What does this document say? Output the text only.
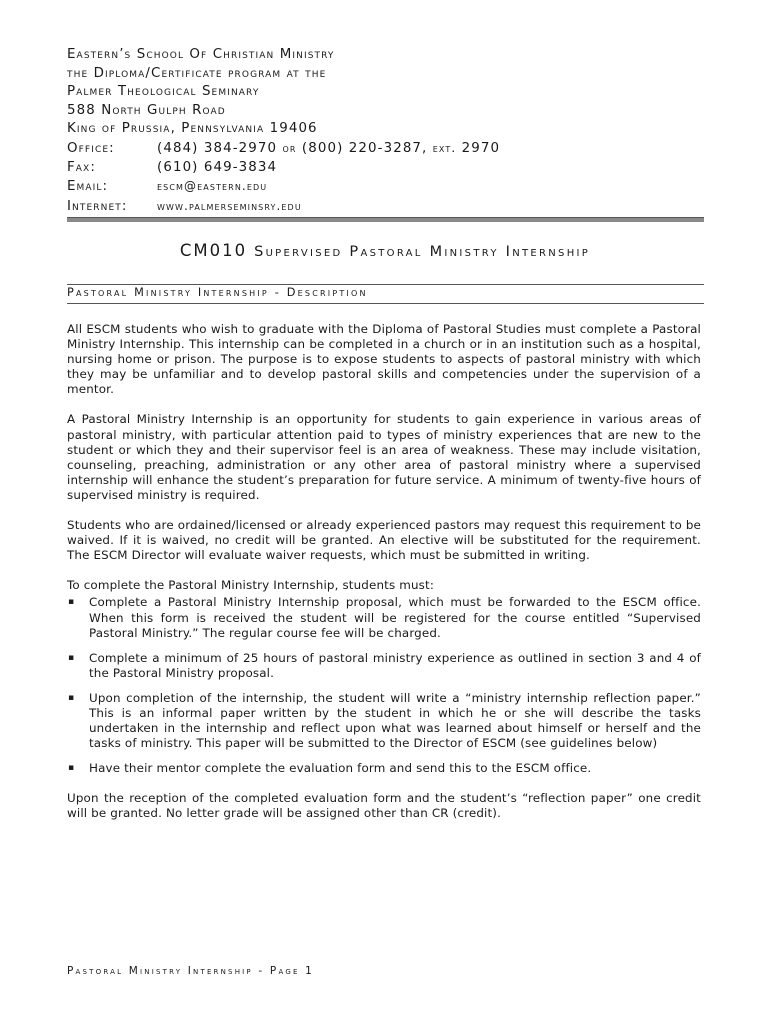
Eastern’s School Of Christian Ministry
the Diploma/Certificate program at the
Palmer Theological Seminary
588 North Gulph Road
King of Prussia, Pennsylvania 19406
Office:	(484) 384-2970 or (800) 220-3287, ext. 2970
Fax:	(610) 649-3834
Email:	escm@eastern.edu
Internet: www.palmerseminsry.edu
CM010 Supervised Pastoral Ministry Internship
Pastoral Ministry Internship - Description

All ESCM students who wish to graduate with the Diploma of Pastoral Studies must complete a Pastoral Ministry Internship. This internship can be completed in a church or in an institution such as a hospital, nursing home or prison. The purpose is to expose students to aspects of pastoral ministry with which they may be unfamiliar and to develop pastoral skills and competencies under the supervision of a mentor.

A Pastoral Ministry Internship is an opportunity for students to gain experience in various areas of pastoral ministry, with particular attention paid to types of ministry experiences that are new to the student or which they and their supervisor feel is an area of weakness. These may include visitation, counseling, preaching, administration or any other area of pastoral ministry where a supervised internship will enhance the student’s preparation for future service. A minimum of twenty-five hours of supervised ministry is required.

Students who are ordained/licensed or already experienced pastors may request this requirement to be waived. If it is waived, no credit will be granted. An elective will be substituted for the requirement. The ESCM Director will evaluate waiver requests, which must be submitted in writing.

To complete the Pastoral Ministry Internship, students must:

▪ Complete a Pastoral Ministry Internship proposal, which must be forwarded to the ESCM office. When this form is received the student will be registered for the course entitled “Supervised Pastoral Ministry.” The regular course fee will be charged.
▪ Complete a minimum of 25 hours of pastoral ministry experience as outlined in section 3 and 4 of the Pastoral Ministry proposal.
▪ Upon completion of the internship, the student will write a “ministry internship reflection paper.” This is an informal paper written by the student in which he or she will describe the tasks undertaken in the internship and reflect upon what was learned about himself or herself and the tasks of ministry. This paper will be submitted to the Director of ESCM (see guidelines below)
▪ Have their mentor complete the evaluation form and send this to the ESCM office.

Upon the reception of the completed evaluation form and the student’s “reflection paper” one credit will be granted. No letter grade will be assigned other than CR (credit).

Pastoral Ministry Internship - Page 1
